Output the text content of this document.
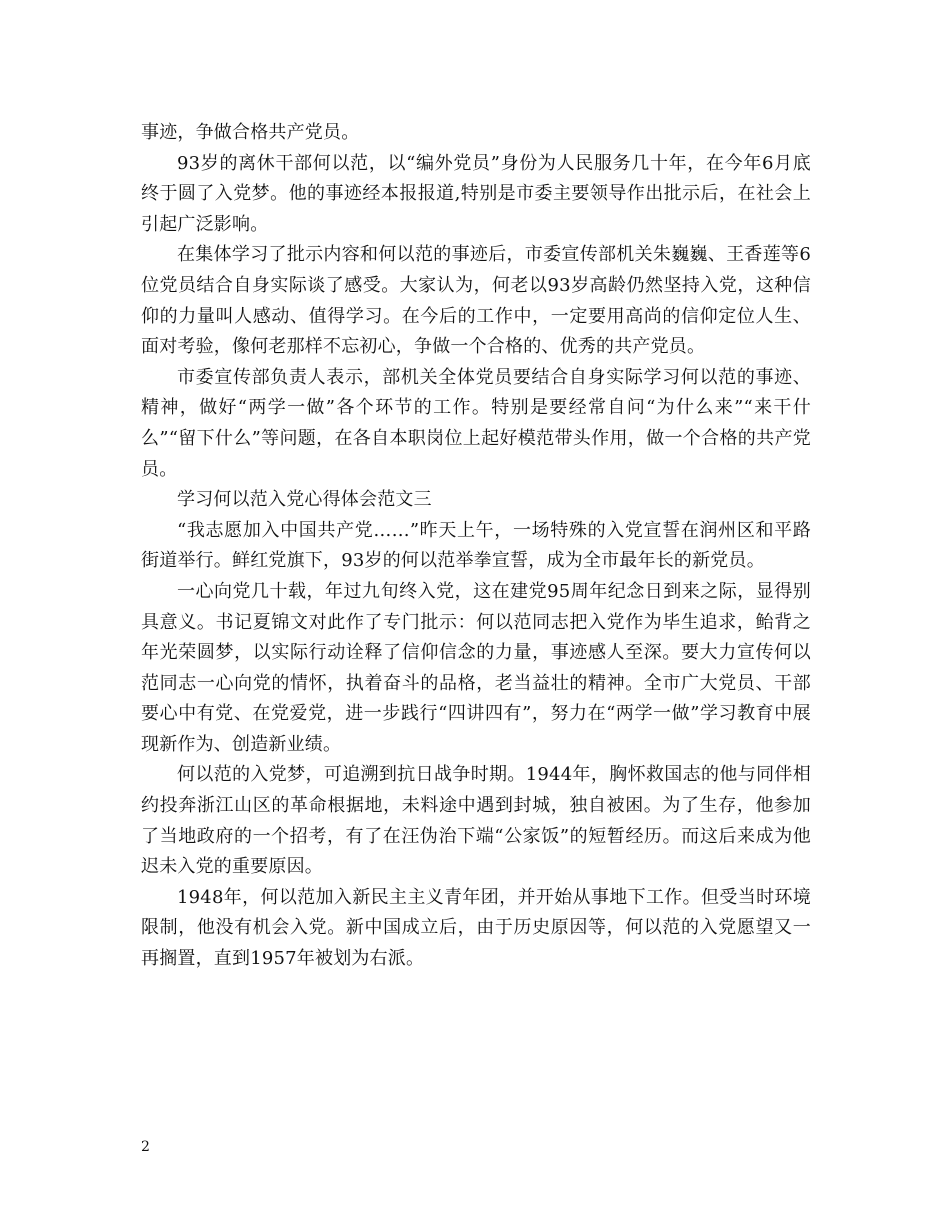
事迹，争做合格共产党员。

93岁的离休干部何以范，以“编外党员”身份为人民服务几十年，在今年6月底终于圆了入党梦。他的事迹经本报报道,特别是市委主要领导作出批示后，在社会上引起广泛影响。

在集体学习了批示内容和何以范的事迹后，市委宣传部机关朱巍巍、王香莲等6位党员结合自身实际谈了感受。大家认为，何老以93岁高龄仍然坚持入党，这种信仰的力量叫人感动、值得学习。在今后的工作中，一定要用高尚的信仰定位人生、面对考验，像何老那样不忘初心，争做一个合格的、优秀的共产党员。

市委宣传部负责人表示，部机关全体党员要结合自身实际学习何以范的事迹、精神，做好“两学一做”各个环节的工作。特别是要经常自问“为什么来”“来干什么”“留下什么”等问题，在各自本职岗位上起好模范带头作用，做一个合格的共产党员。

学习何以范入党心得体会范文三

“我志愿加入中国共产党……”昨天上午，一场特殊的入党宣誓在润州区和平路街道举行。鲜红党旗下，93岁的何以范举拳宣誓，成为全市最年长的新党员。

一心向党几十载，年过九旬终入党，这在建党95周年纪念日到来之际，显得别具意义。书记夏锦文对此作了专门批示：何以范同志把入党作为毕生追求，鲐背之年光荣圆梦，以实际行动诠释了信仰信念的力量，事迹感人至深。要大力宣传何以范同志一心向党的情怀，执着奋斗的品格，老当益壮的精神。全市广大党员、干部要心中有党、在党爱党，进一步践行“四讲四有”，努力在“两学一做”学习教育中展现新作为、创造新业绩。

何以范的入党梦，可追溯到抗日战争时期。1944年，胸怀救国志的他与同伴相约投奔浙江山区的革命根据地，未料途中遇到封城，独自被困。为了生存，他参加了当地政府的一个招考，有了在汪伪治下端“公家饭”的短暂经历。而这后来成为他迟未入党的重要原因。

1948年，何以范加入新民主主义青年团，并开始从事地下工作。但受当时环境限制，他没有机会入党。新中国成立后，由于历史原因等，何以范的入党愿望又一再搁置，直到1957年被划为右派。

2
